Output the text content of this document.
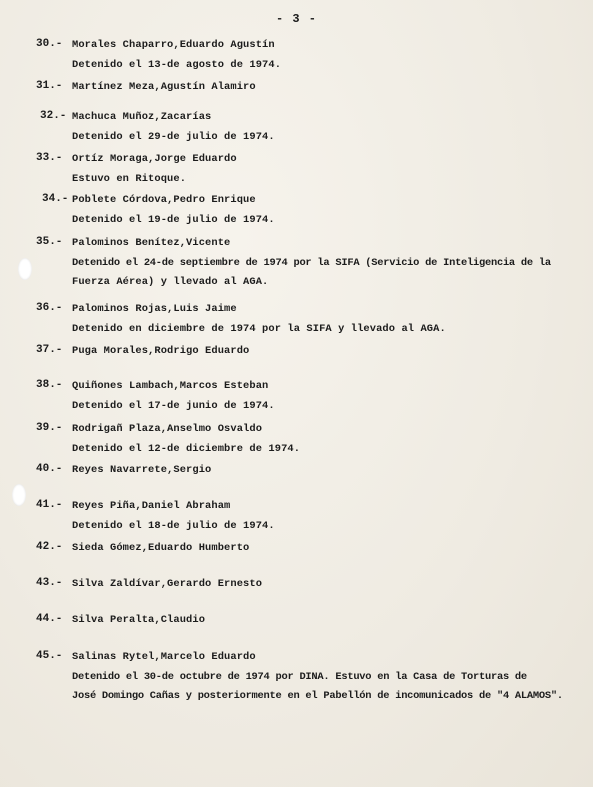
- 3 -
30.- Morales Chaparro,Eduardo Agustín
Detenido el 13-de agosto de 1974.
31.- Martínez Meza,Agustín Alamiro
32.- Machuca Muñoz,Zacarías
Detenido el 29-de julio de 1974.
33.- Ortíz Moraga,Jorge Eduardo
Estuvo en Ritoque.
34.- Poblete Córdova,Pedro Enrique
Detenido el 19-de julio de 1974.
35.- Palominos Benítez,Vicente
Detenido el 24-de septiembre de 1974 por la SIFA (Servicio de Inteligencia de la
Fuerza Aérea) y llevado al AGA.
36.- Palominos Rojas,Luis Jaime
Detenido en diciembre de 1974 por la SIFA y llevado al AGA.
37.- Puga Morales,Rodrigo Eduardo
38.- Quiñones Lambach,Marcos Esteban
Detenido el 17-de junio de 1974.
39.- Rodrigañ Plaza,Anselmo Osvaldo
Detenido el 12-de diciembre de 1974.
40.- Reyes Navarrete,Sergio
41.- Reyes Piña,Daniel Abraham
Detenido el 18-de julio de 1974.
42.- Sieda Gómez,Eduardo Humberto
43.- Silva Zaldívar,Gerardo Ernesto
44.- Silva Peralta,Claudio
45.- Salinas Rytel,Marcelo Eduardo
Detenido el 30-de octubre de 1974 por DINA. Estuvo en la Casa de Torturas de
José Domingo Cañas y posteriormente en el Pabellón de incomunicados de "4 ALAMOS".
